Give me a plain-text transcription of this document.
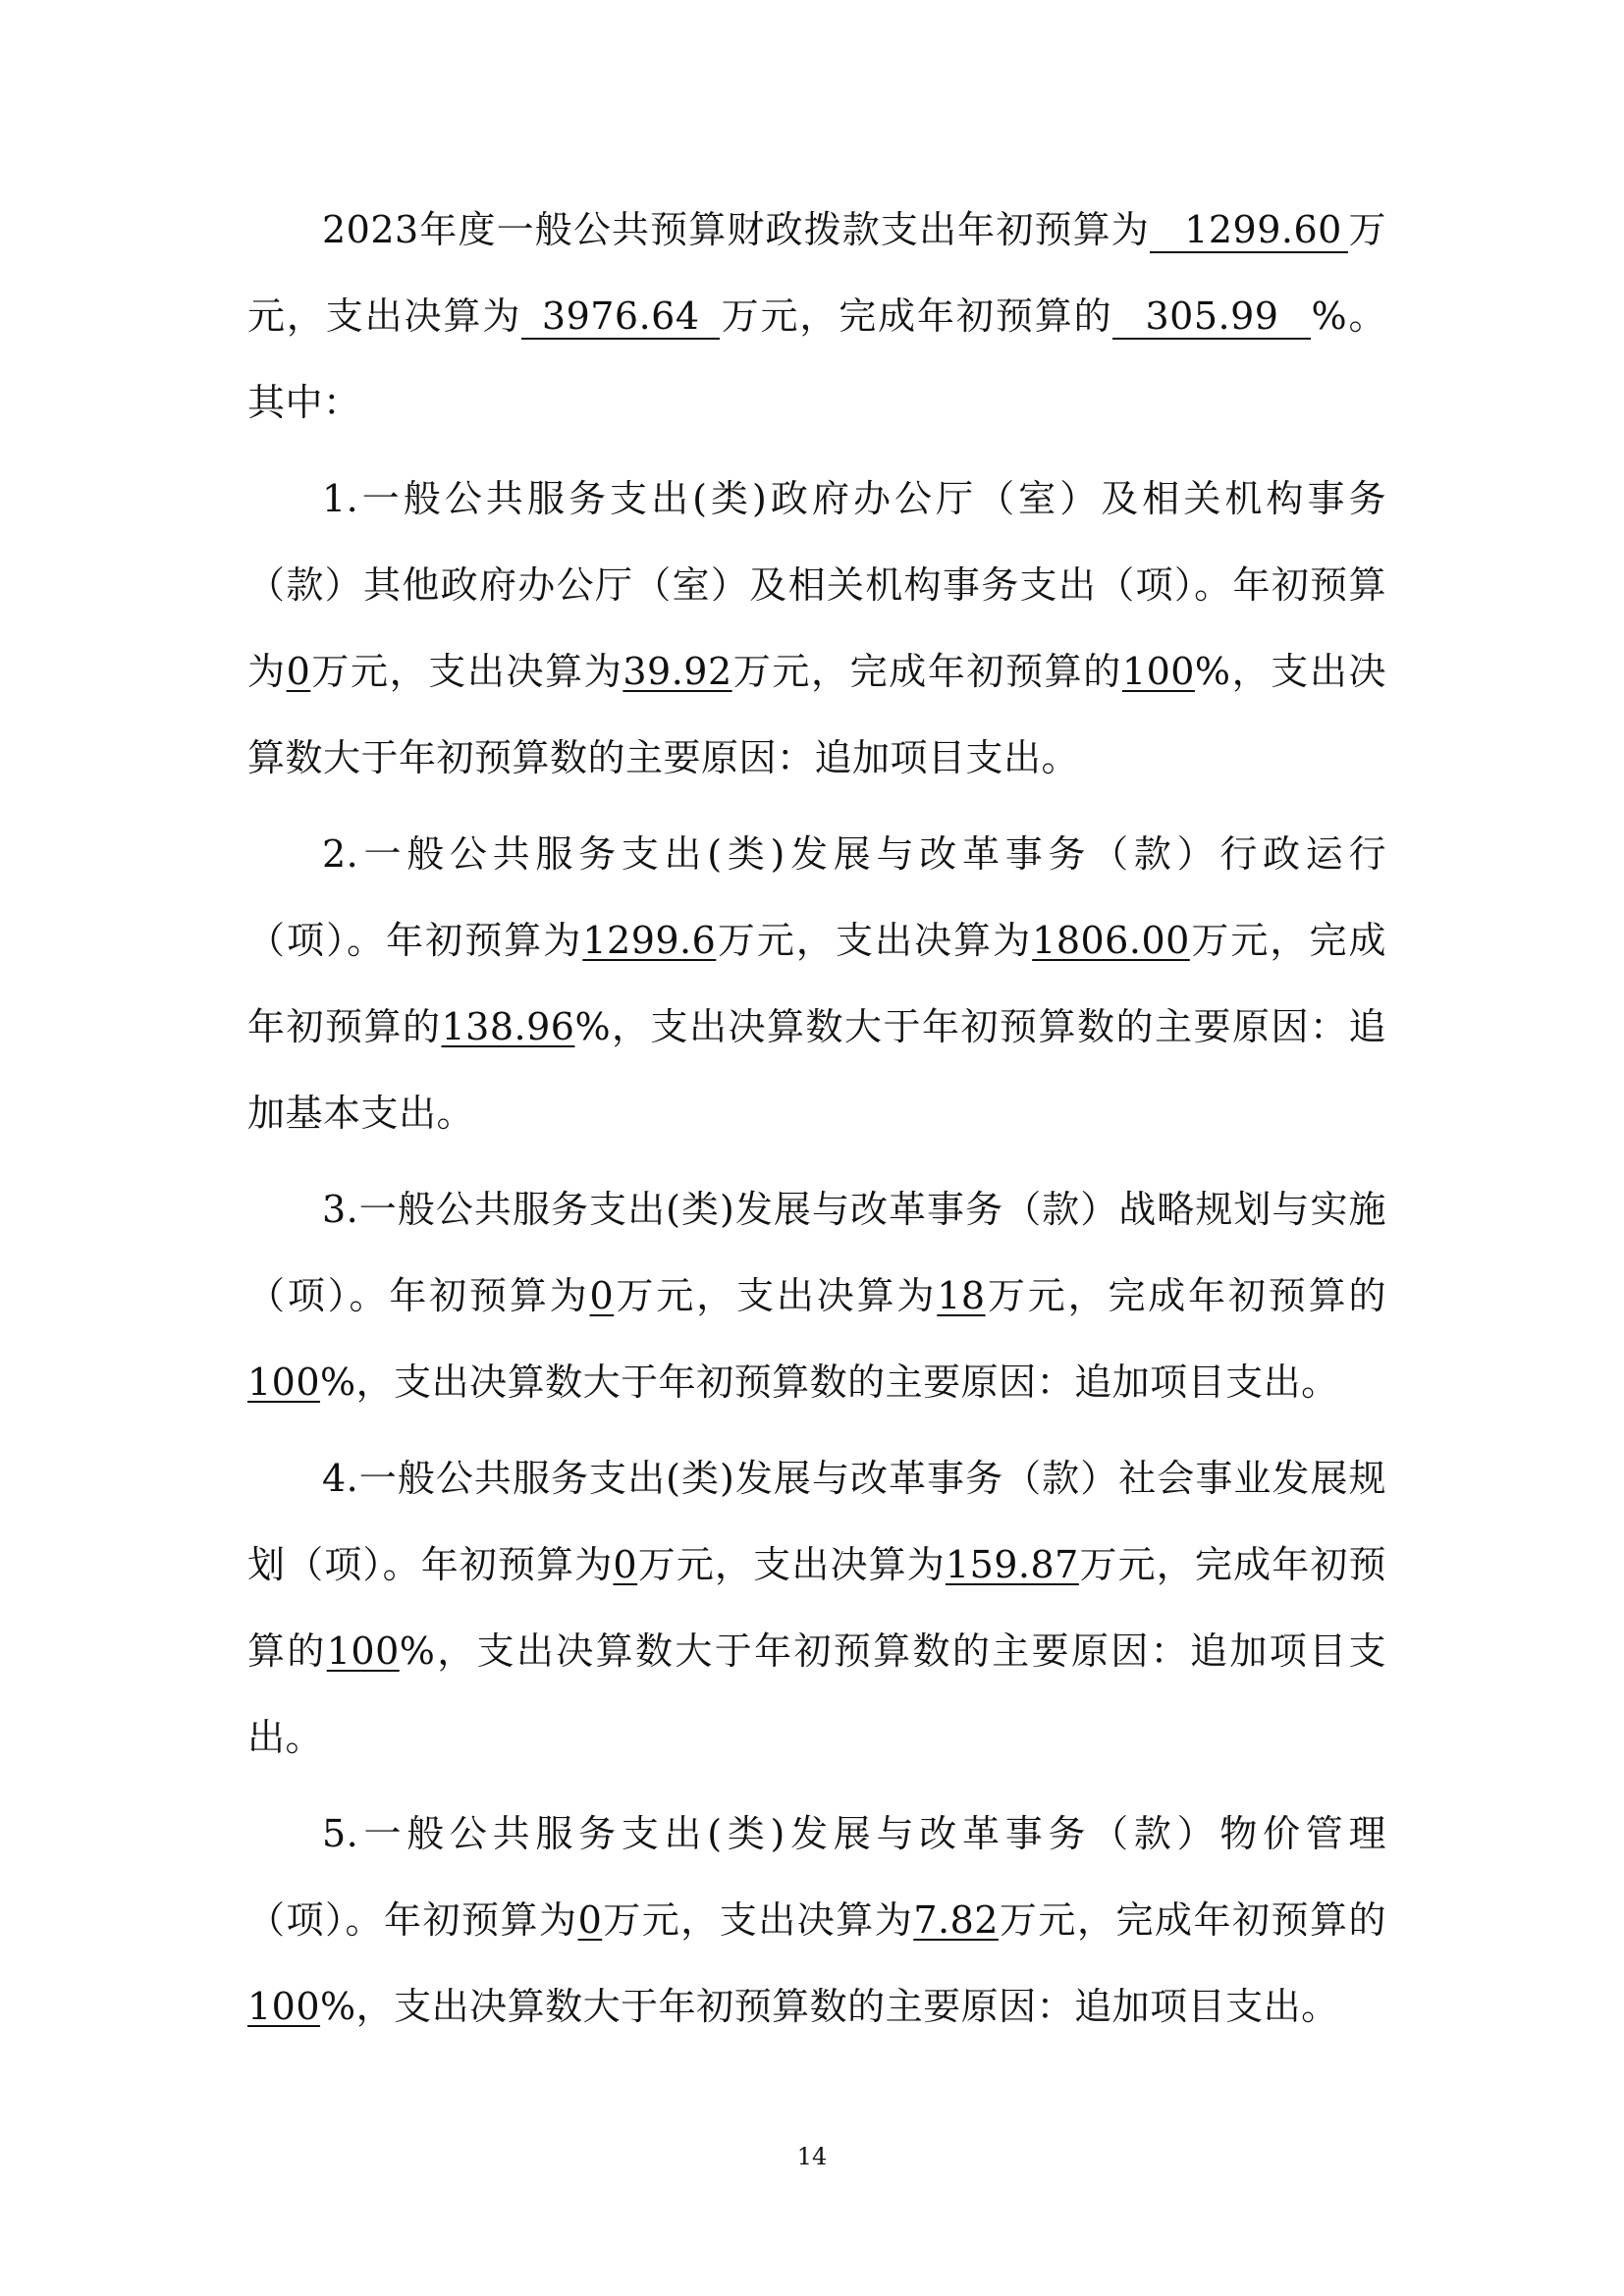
2023年度一般公共预算财政拨款支出年初预算为 1299.60 万元，支出决算为 3976.64 万元，完成年初预算的 305.99 %。其中：

1.一般公共服务支出(类)政府办公厅（室）及相关机构事务（款）其他政府办公厅（室）及相关机构事务支出（项）。年初预算为0万元，支出决算为39.92万元，完成年初预算的100%，支出决算数大于年初预算数的主要原因：追加项目支出。

2.一般公共服务支出(类)发展与改革事务（款）行政运行（项）。年初预算为1299.6万元，支出决算为1806.00万元，完成年初预算的138.96%，支出决算数大于年初预算数的主要原因：追加基本支出。

3.一般公共服务支出(类)发展与改革事务（款）战略规划与实施（项）。年初预算为0万元，支出决算为18万元，完成年初预算的100%，支出决算数大于年初预算数的主要原因：追加项目支出。

4.一般公共服务支出(类)发展与改革事务（款）社会事业发展规划（项）。年初预算为0万元，支出决算为159.87万元，完成年初预算的100%，支出决算数大于年初预算数的主要原因：追加项目支出。

5.一般公共服务支出(类)发展与改革事务（款）物价管理（项）。年初预算为0万元，支出决算为7.82万元，完成年初预算的100%，支出决算数大于年初预算数的主要原因：追加项目支出。

14
